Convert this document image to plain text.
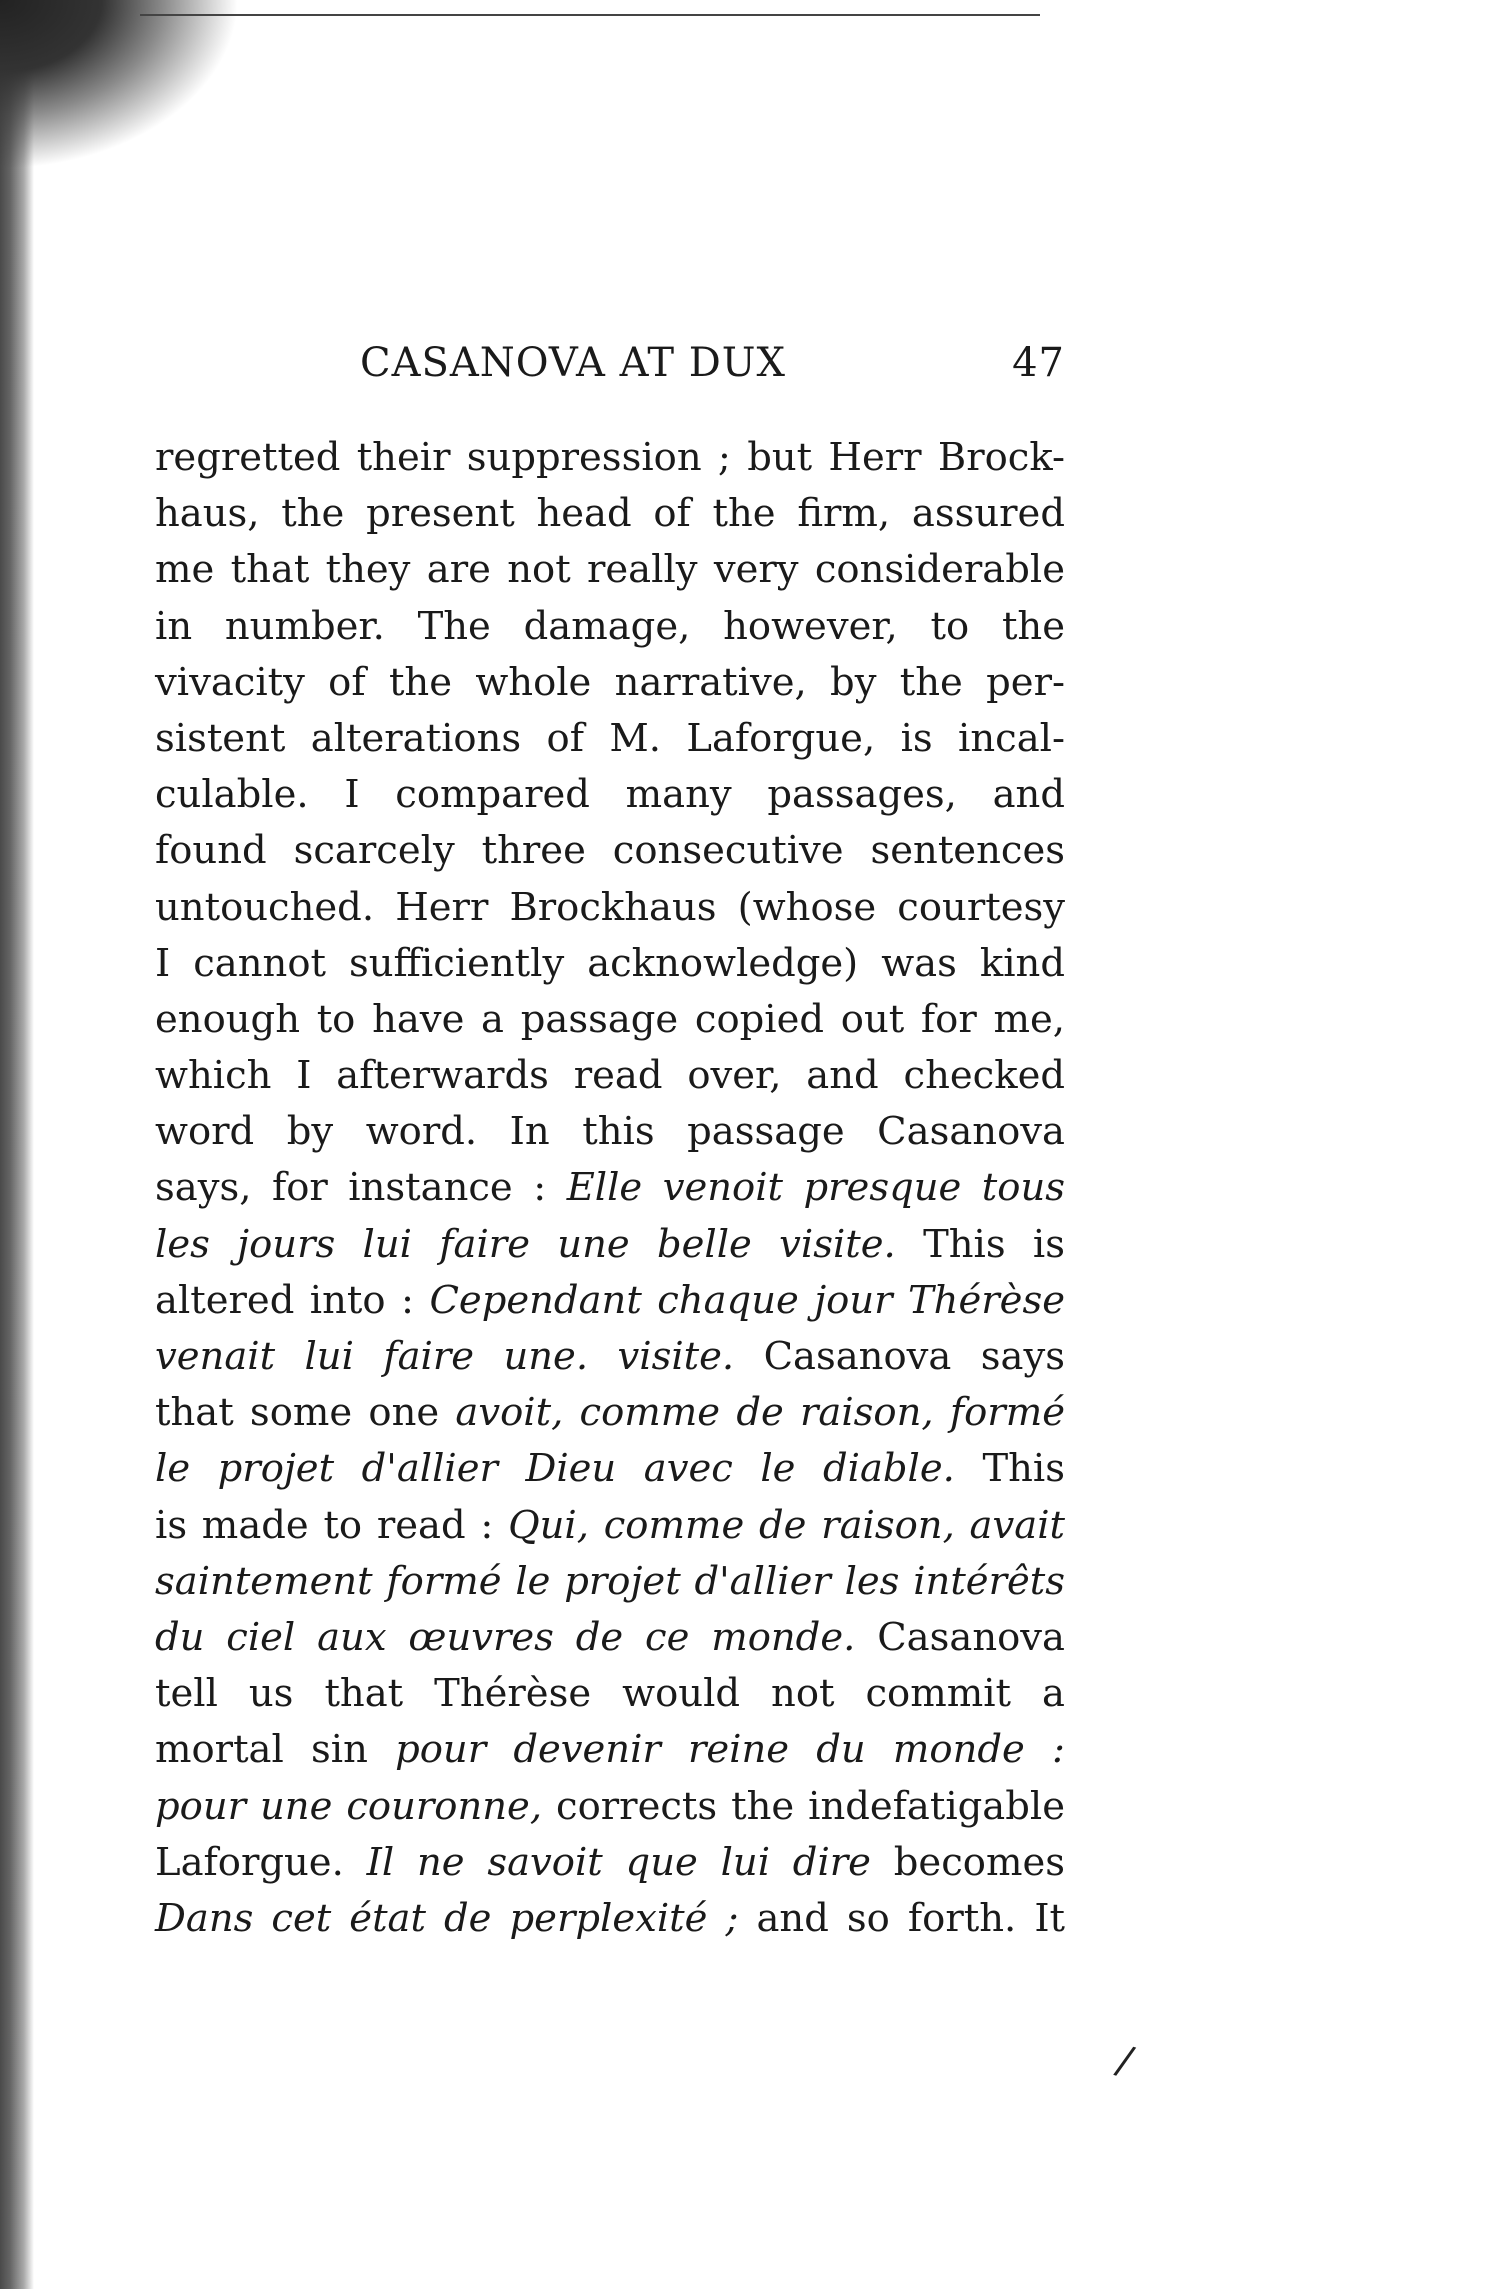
CASANOVA AT DUX	47
regretted their suppression ; but Herr Brock-
haus, the present head of the firm, assured
me that they are not really very considerable
in number. The damage, however, to the
vivacity of the whole narrative, by the per-
sistent alterations of M. Laforgue, is incal-
culable. I compared many passages, and
found scarcely three consecutive sentences
untouched. Herr Brockhaus (whose courtesy
I cannot sufficiently acknowledge) was kind
enough to have a passage copied out for me,
which I afterwards read over, and checked
word by word. In this passage Casanova
says, for instance : Elle venoit presque tous
les jours lui faire une belle visite. This is
altered into : Cependant chaque jour Thérèse
venait lui faire une. visite. Casanova says
that some one avoit, comme de raison, formé
le projet d'allier Dieu avec le diable. This
is made to read : Qui, comme de raison, avait
saintement formé le projet d'allier les intérêts
du ciel aux œuvres de ce monde. Casanova
tell us that Thérèse would not commit a
mortal sin pour devenir reine du monde :
pour une couronne, corrects the indefatigable
Laforgue. Il ne savoit que lui dire becomes
Dans cet état de perplexité ; and so forth. It
/
